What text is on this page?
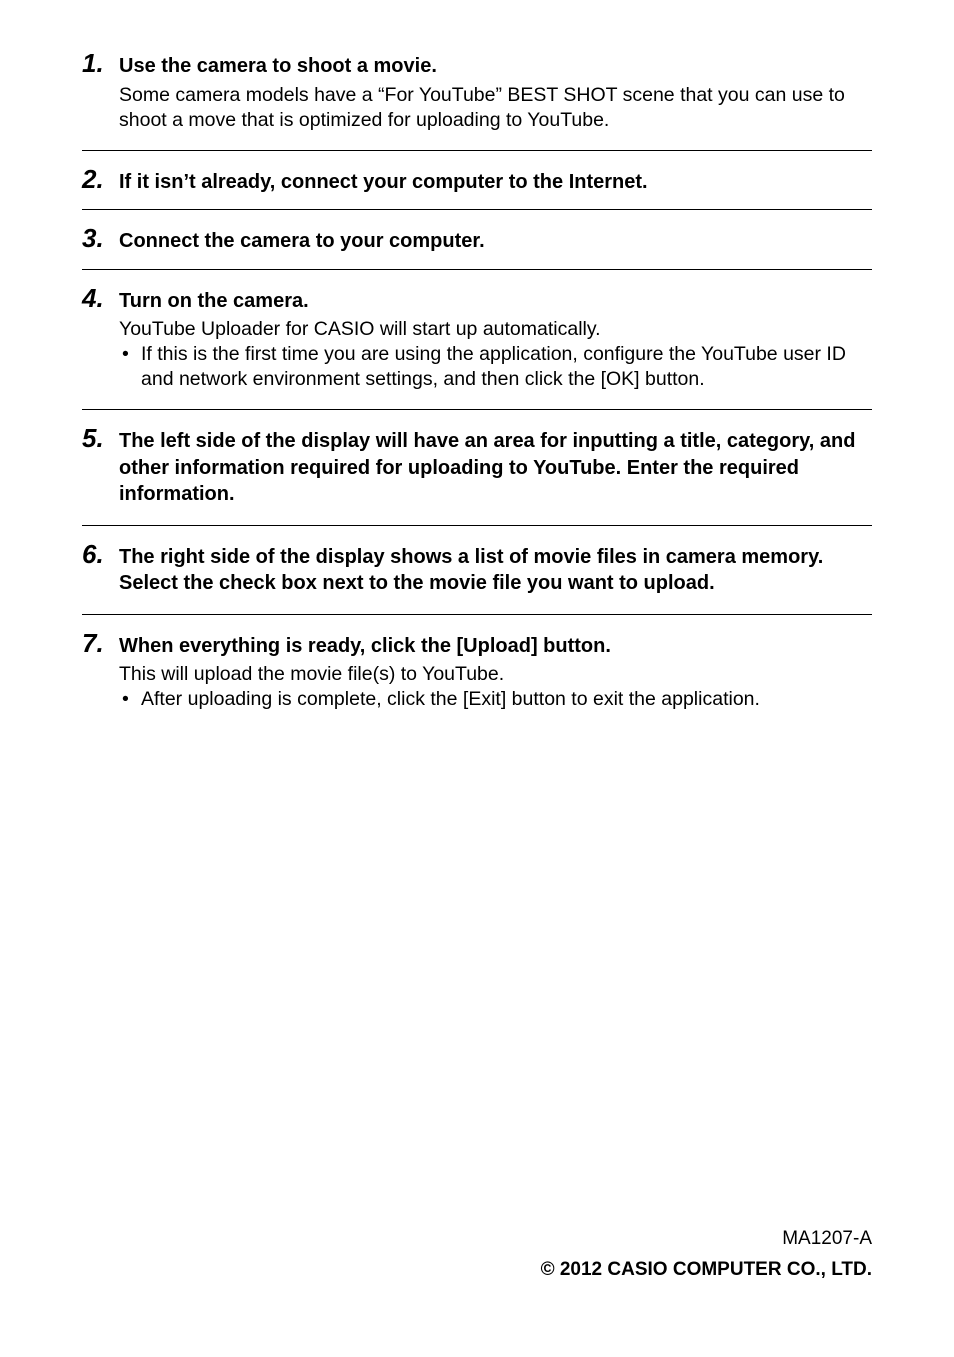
1. Use the camera to shoot a movie.

Some camera models have a “For YouTube” BEST SHOT scene that you can use to shoot a move that is optimized for uploading to YouTube.

2. If it isn’t already, connect your computer to the Internet.

3. Connect the camera to your computer.

4. Turn on the camera.

YouTube Uploader for CASIO will start up automatically.

• If this is the first time you are using the application, configure the YouTube user ID and network environment settings, and then click the [OK] button.

5. The left side of the display will have an area for inputting a title, category, and other information required for uploading to YouTube. Enter the required information.

6. The right side of the display shows a list of movie files in camera memory. Select the check box next to the movie file you want to upload.

7. When everything is ready, click the [Upload] button.

This will upload the movie file(s) to YouTube.

• After uploading is complete, click the [Exit] button to exit the application.

MA1207-A
© 2012 CASIO COMPUTER CO., LTD.
